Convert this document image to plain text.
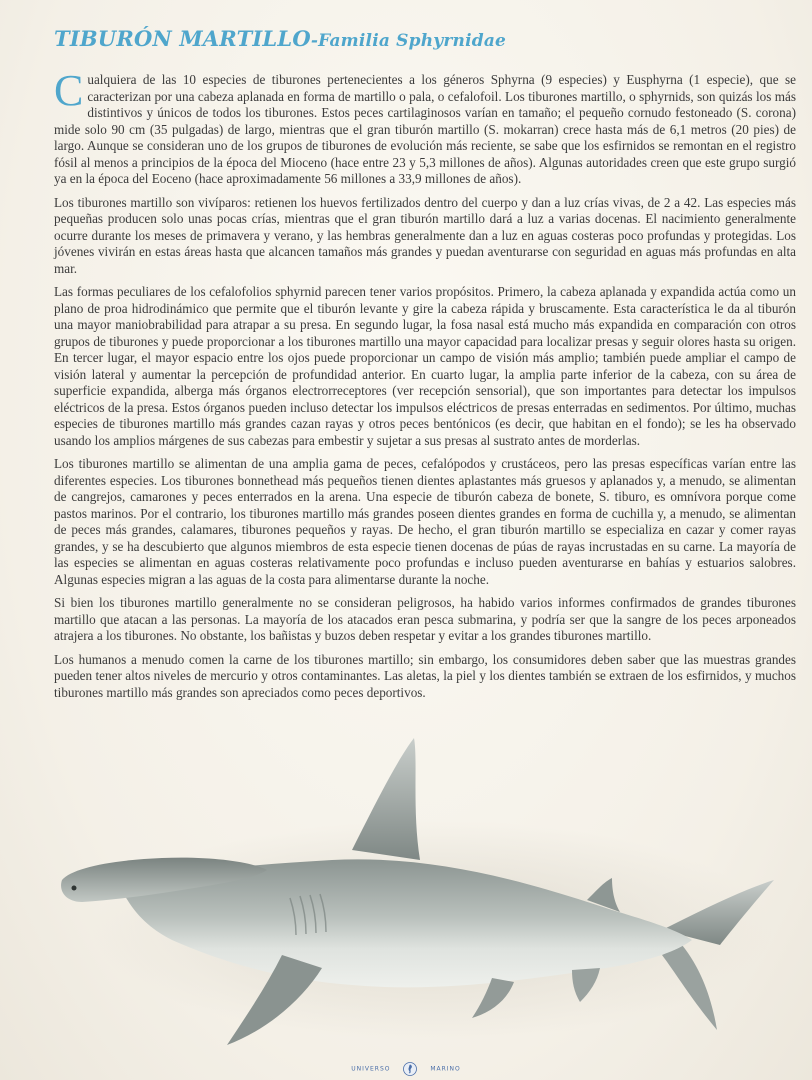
TIBURÓN MARTILLO-Familia Sphyrnidae

Cualquiera de las 10 especies de tiburones pertenecientes a los géneros Sphyrna (9 especies) y Eusphyrna (1 especie), que se caracterizan por una cabeza aplanada en forma de martillo o pala, o cefalofoil. Los tiburones martillo, o sphyrnids, son quizás los más distintivos y únicos de todos los tiburones. Estos peces cartilaginosos varían en tamaño; el pequeño cornudo festoneado (S. corona) mide solo 90 cm (35 pulgadas) de largo, mientras que el gran tiburón martillo (S. mokarran) crece hasta más de 6,1 metros (20 pies) de largo. Aunque se consideran uno de los grupos de tiburones de evolución más reciente, se sabe que los esfirnidos se remontan en el registro fósil al menos a principios de la época del Mioceno (hace entre 23 y 5,3 millones de años). Algunas autoridades creen que este grupo surgió ya en la época del Eoceno (hace aproximadamente 56 millones a 33,9 millones de años).

Los tiburones martillo son vivíparos: retienen los huevos fertilizados dentro del cuerpo y dan a luz crías vivas, de 2 a 42. Las especies más pequeñas producen solo unas pocas crías, mientras que el gran tiburón martillo dará a luz a varias docenas. El nacimiento generalmente ocurre durante los meses de primavera y verano, y las hembras generalmente dan a luz en aguas costeras poco profundas y protegidas. Los jóvenes vivirán en estas áreas hasta que alcancen tamaños más grandes y puedan aventurarse con seguridad en aguas más profundas en alta mar.

Las formas peculiares de los cefalofolios sphyrnid parecen tener varios propósitos. Primero, la cabeza aplanada y expandida actúa como un plano de proa hidrodinámico que permite que el tiburón levante y gire la cabeza rápida y bruscamente. Esta característica le da al tiburón una mayor maniobrabilidad para atrapar a su presa. En segundo lugar, la fosa nasal está mucho más expandida en comparación con otros grupos de tiburones y puede proporcionar a los tiburones martillo una mayor capacidad para localizar presas y seguir olores hasta su origen. En tercer lugar, el mayor espacio entre los ojos puede proporcionar un campo de visión más amplio; también puede ampliar el campo de visión lateral y aumentar la percepción de profundidad anterior. En cuarto lugar, la amplia parte inferior de la cabeza, con su área de superficie expandida, alberga más órganos electrorreceptores (ver recepción sensorial), que son importantes para detectar los impulsos eléctricos de la presa. Estos órganos pueden incluso detectar los impulsos eléctricos de presas enterradas en sedimentos. Por último, muchas especies de tiburones martillo más grandes cazan rayas y otros peces bentónicos (es decir, que habitan en el fondo); se les ha observado usando los amplios márgenes de sus cabezas para embestir y sujetar a sus presas al sustrato antes de morderlas.

Los tiburones martillo se alimentan de una amplia gama de peces, cefalópodos y crustáceos, pero las presas específicas varían entre las diferentes especies. Los tiburones bonnethead más pequeños tienen dientes aplastantes más gruesos y aplanados y, a menudo, se alimentan de cangrejos, camarones y peces enterrados en la arena. Una especie de tiburón cabeza de bonete, S. tiburo, es omnívora porque come pastos marinos. Por el contrario, los tiburones martillo más grandes poseen dientes grandes en forma de cuchilla y, a menudo, se alimentan de peces más grandes, calamares, tiburones pequeños y rayas. De hecho, el gran tiburón martillo se especializa en cazar y comer rayas grandes, y se ha descubierto que algunos miembros de esta especie tienen docenas de púas de rayas incrustadas en su carne. La mayoría de las especies se alimentan en aguas costeras relativamente poco profundas e incluso pueden aventurarse en bahías y estuarios salobres. Algunas especies migran a las aguas de la costa para alimentarse durante la noche.

Si bien los tiburones martillo generalmente no se consideran peligrosos, ha habido varios informes confirmados de grandes tiburones martillo que atacan a las personas. La mayoría de los atacados eran pesca submarina, y podría ser que la sangre de los peces arponeados atrajera a los tiburones. No obstante, los bañistas y buzos deben respetar y evitar a los grandes tiburones martillo.

Los humanos a menudo comen la carne de los tiburones martillo; sin embargo, los consumidores deben saber que las muestras grandes pueden tener altos niveles de mercurio y otros contaminantes. Las aletas, la piel y los dientes también se extraen de los esfirnidos, y muchos tiburones martillo más grandes son apreciados como peces deportivos.

UNIVERSO	MARINO
